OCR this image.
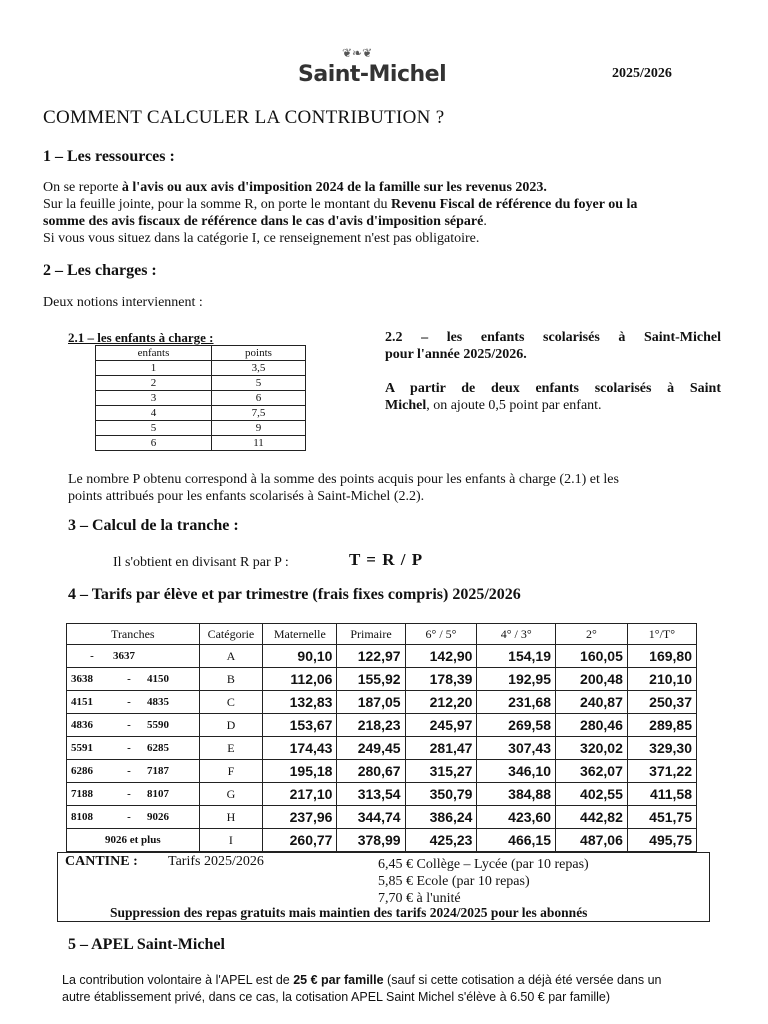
❦❧❦
Saint-Michel	2025/2026
COMMENT CALCULER LA CONTRIBUTION ?
1 – Les ressources :
On se reporte à l'avis ou aux avis d'imposition 2024 de la famille sur les revenus 2023.
Sur la feuille jointe, pour la somme R, on porte le montant du Revenu Fiscal de référence du foyer ou la
somme des avis fiscaux de référence dans le cas d'avis d'imposition séparé.
Si vous vous situez dans la catégorie I, ce renseignement n'est pas obligatoire.
2 – Les charges :
Deux notions interviennent :
2.1 – les enfants à charge :
enfants	points
1	3,5
2	5
3	6
4	7,5
5	9
6	11
2.2 – les enfants scolarisés à Saint-Michel
pour l'année 2025/2026.
A partir de deux enfants scolarisés à Saint
Michel, on ajoute 0,5 point par enfant.
Le nombre P obtenu correspond à la somme des points acquis pour les enfants à charge (2.1) et les
points attribués pour les enfants scolarisés à Saint-Michel (2.2).
3 – Calcul de la tranche :
Il s'obtient en divisant R par P :	T = R / P
4 – Tarifs par élève et par trimestre (frais fixes compris) 2025/2026
Tranches	Catégorie	Maternelle	Primaire	6° / 5°	4° / 3°	2°	1°/T°
- 3637	A	90,10	122,97	142,90	154,19	160,05	169,80
3638 - 4150	B	112,06	155,92	178,39	192,95	200,48	210,10
4151 - 4835	C	132,83	187,05	212,20	231,68	240,87	250,37
4836 - 5590	D	153,67	218,23	245,97	269,58	280,46	289,85
5591 - 6285	E	174,43	249,45	281,47	307,43	320,02	329,30
6286 - 7187	F	195,18	280,67	315,27	346,10	362,07	371,22
7188 - 8107	G	217,10	313,54	350,79	384,88	402,55	411,58
8108 - 9026	H	237,96	344,74	386,24	423,60	442,82	451,75
9026 et plus	I	260,77	378,99	425,23	466,15	487,06	495,75
CANTINE : Tarifs 2025/2026	6,45 € Collège – Lycée (par 10 repas)
5,85 € Ecole (par 10 repas)
7,70 € à l'unité
Suppression des repas gratuits mais maintien des tarifs 2024/2025 pour les abonnés
5 – APEL Saint-Michel
La contribution volontaire à l'APEL est de 25 € par famille (sauf si cette cotisation a déjà été versée dans un
autre établissement privé, dans ce cas, la cotisation APEL Saint Michel s'élève à 6.50 € par famille)
